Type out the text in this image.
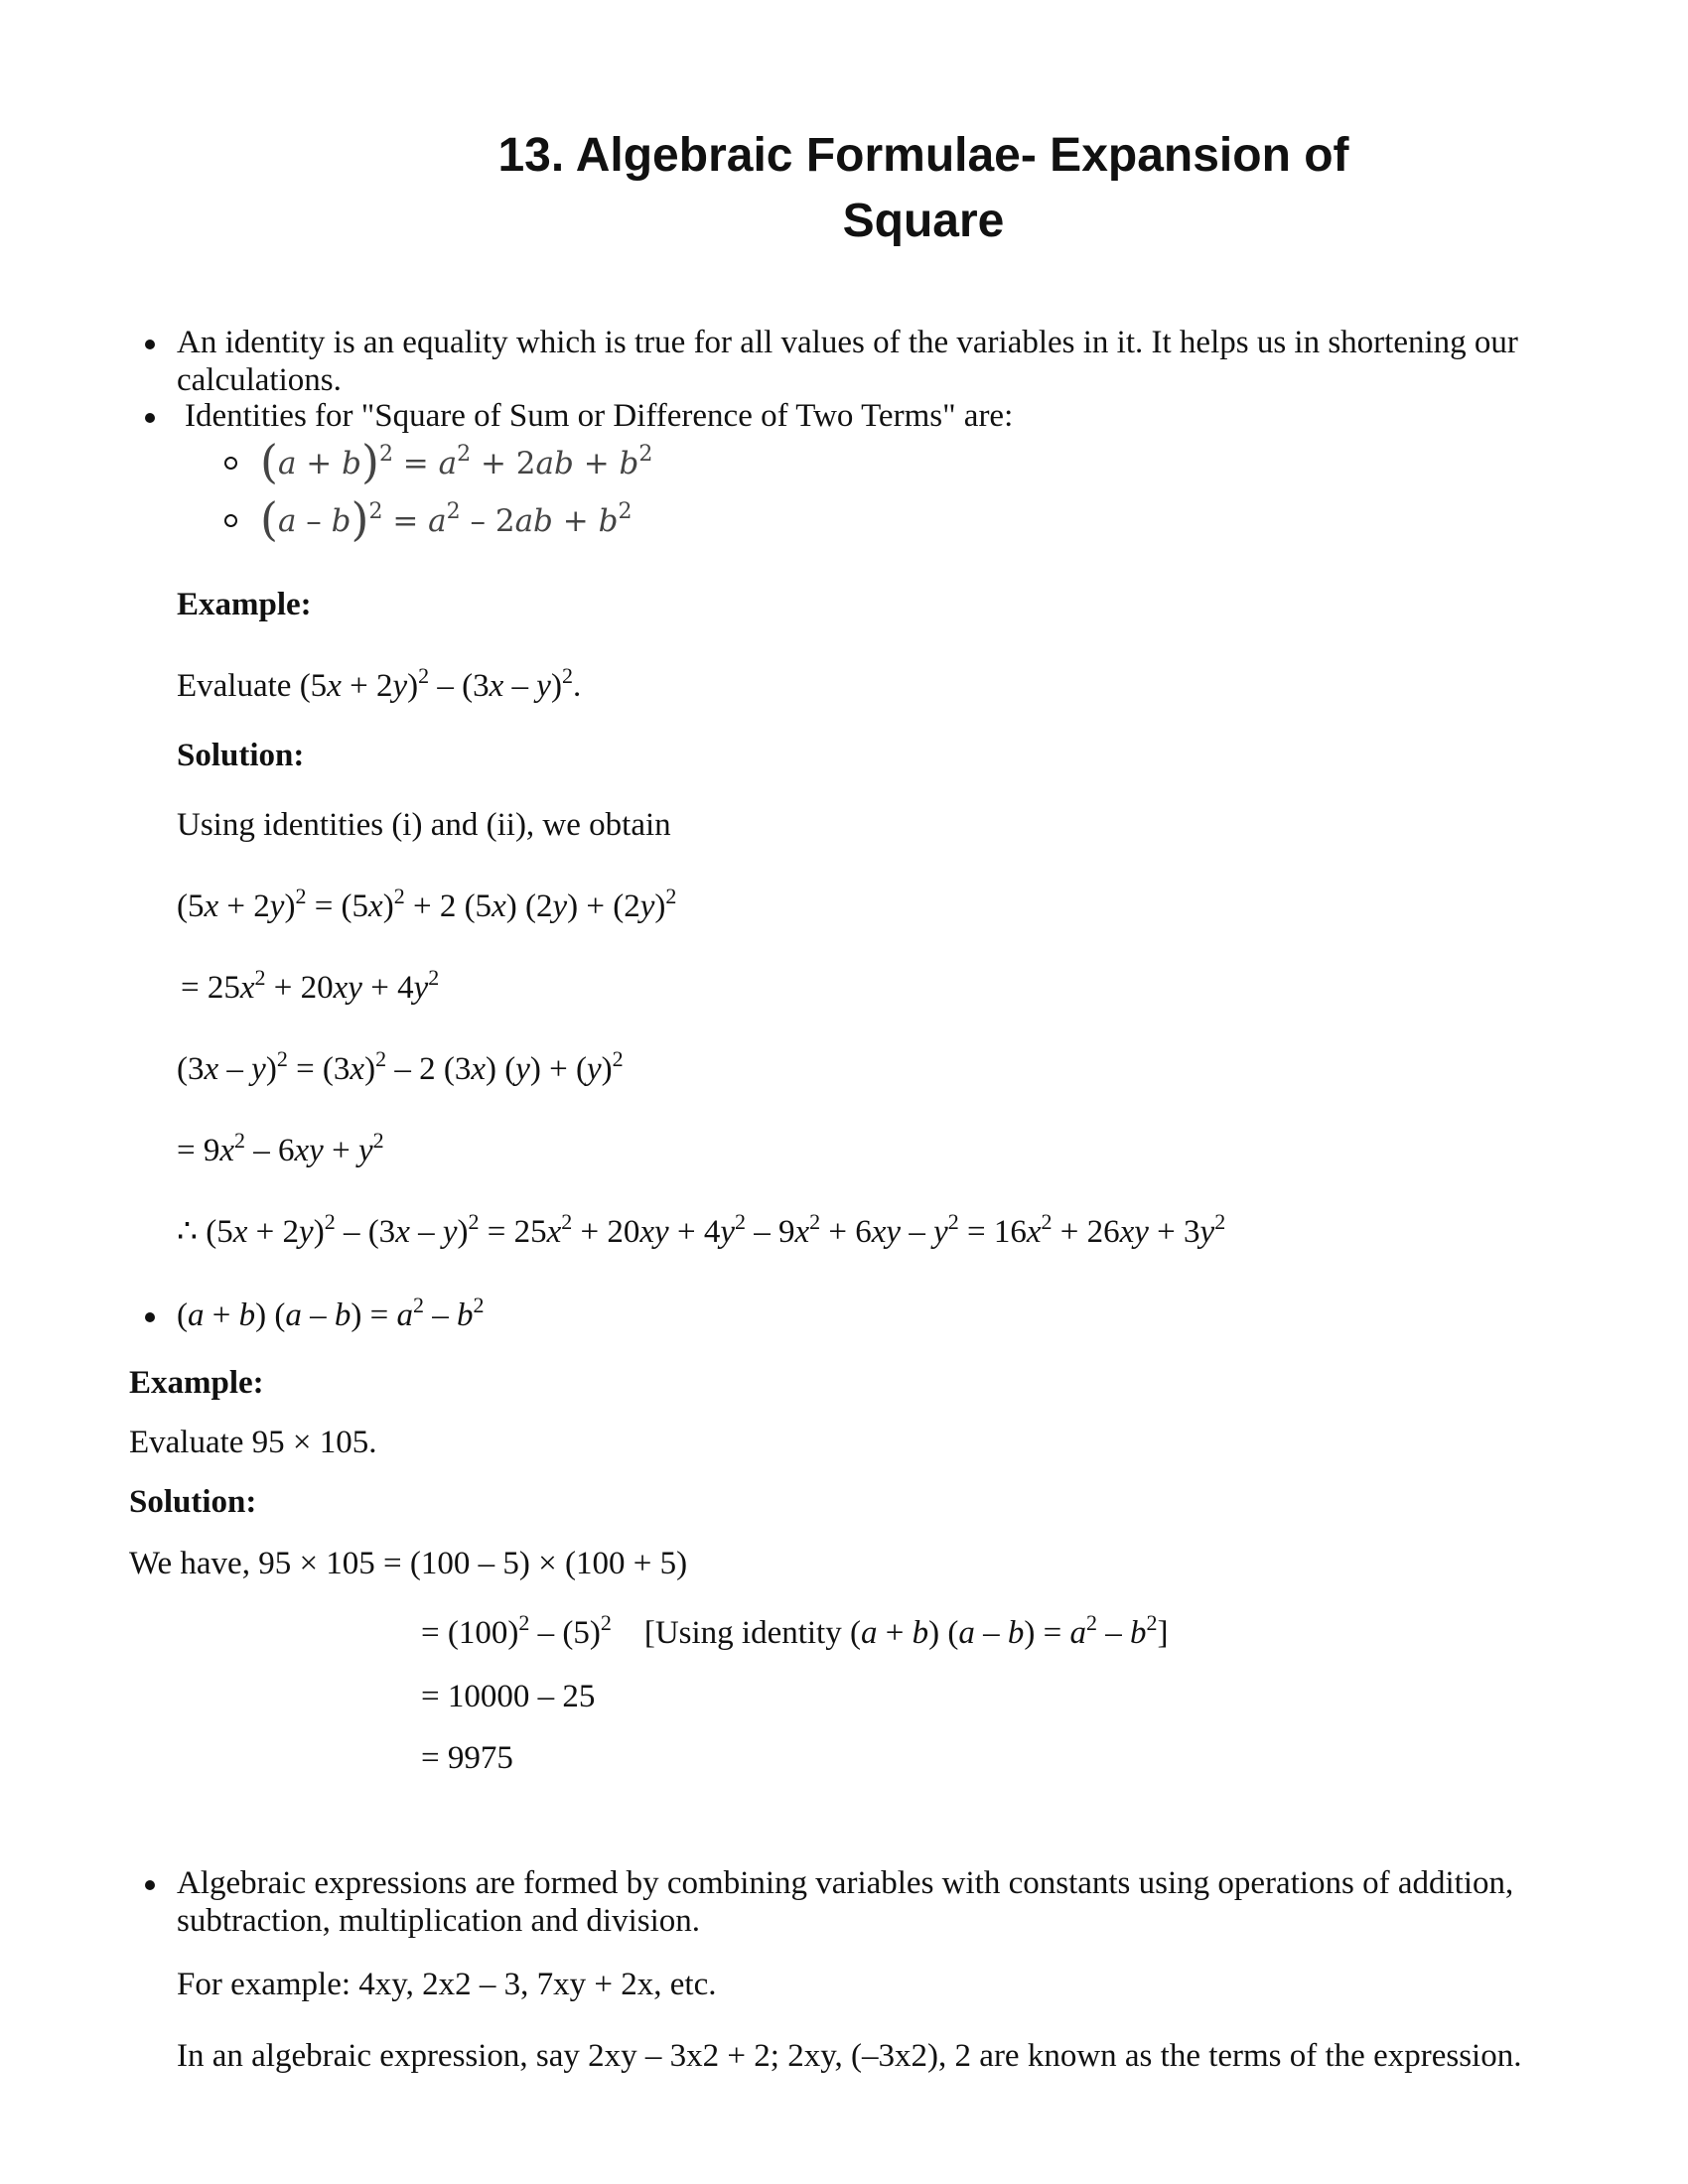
13. Algebraic Formulae- Expansion of
Square
An identity is an equality which is true for all values of the variables in it. It helps us in shortening our calculations.
Identities for "Square of Sum or Difference of Two Terms" are:
$(a + b)^2 = a^2 + 2ab + b^2$
$(a - b)^2 = a^2 - 2ab + b^2$
Example:
Evaluate $(5x + 2y)^2 - (3x - y)^2$.
Solution:
Using identities (i) and (ii), we obtain
$(5x + 2y)^2 = (5x)^2 + 2$ (5x) $(2y) + (2y)^2$
= $25x^2 + 20xy + 4y^2$
$(3x - y)^2 = (3x)^2 - 2$ (3x) $(y) + (y)^2$
= $9x^2 - 6xy + y^2$
∴ $(5x + 2y)^2 - (3x - y)^2 = 25x^2 + 20xy + 4y^2 - 9x^2 + 6xy - y^2 = 16x^2 + 26xy + 3y^2$
(a + b) $(a - b) = a^2 - b^2$
Example:
Evaluate 95 × 105.
Solution:
We have, 95 × 105 = (100 – 5) × (100 + 5)
= $(100)^2 - (5)^2$    [Using identity (a + b) $(a - b) = a^2 - b^2$]
= 10000 – 25
= 9975
Algebraic expressions are formed by combining variables with constants using operations of addition, subtraction, multiplication and division.
For example: 4xy, 2x2 – 3, 7xy + 2x, etc.
In an algebraic expression, say 2xy – 3x2 + 2; 2xy, (–3x2), 2 are known as the terms of the expression.
